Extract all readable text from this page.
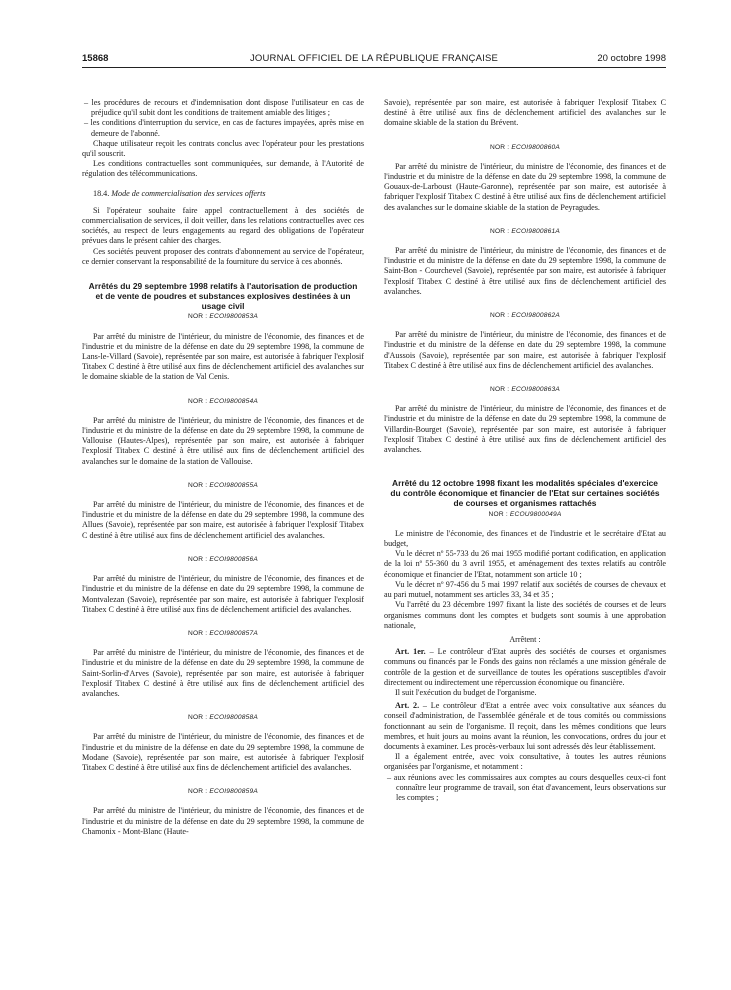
15868	JOURNAL OFFICIEL DE LA RÉPUBLIQUE FRANÇAISE	20 octobre 1998

– les procédures de recours et d'indemnisation dont dispose l'utilisateur en cas de préjudice qu'il subit dont les conditions de traitement amiable des litiges ;

– les conditions d'interruption du service, en cas de factures impayées, après mise en demeure de l'abonné.

Chaque utilisateur reçoit les contrats conclus avec l'opérateur pour les prestations qu'il souscrit.

Les conditions contractuelles sont communiquées, sur demande, à l'Autorité de régulation des télécommunications.

18.4. Mode de commercialisation des services offerts

Si l'opérateur souhaite faire appel contractuellement à des sociétés de commercialisation de services, il doit veiller, dans les relations contractuelles avec ces sociétés, au respect de leurs engagements au regard des obligations de l'opérateur prévues dans le présent cahier des charges.

Ces sociétés peuvent proposer des contrats d'abonnement au service de l'opérateur, ce dernier conservant la responsabilité de la fourniture du service à ces abonnés.

Arrêtés du 29 septembre 1998 relatifs à l'autorisation de production et de vente de poudres et substances explosives destinées à un usage civil
NOR : ECOI9800853A

Par arrêté du ministre de l'intérieur, du ministre de l'économie, des finances et de l'industrie et du ministre de la défense en date du 29 septembre 1998, la commune de Lans-le-Villard (Savoie), représentée par son maire, est autorisée à fabriquer l'explosif Titabex C destiné à être utilisé aux fins de déclenchement artificiel des avalanches sur le domaine skiable de la station de Val Cenis.

NOR : ECOI9800854A

Par arrêté du ministre de l'intérieur, du ministre de l'économie, des finances et de l'industrie et du ministre de la défense en date du 29 septembre 1998, la commune de Vallouise (Hautes-Alpes), représentée par son maire, est autorisée à fabriquer l'explosif Titabex C destiné à être utilisé aux fins de déclenchement artificiel des avalanches sur le domaine de la station de Vallouise.

NOR : ECOI9800855A

Par arrêté du ministre de l'intérieur, du ministre de l'économie, des finances et de l'industrie et du ministre de la défense en date du 29 septembre 1998, la commune des Allues (Savoie), représentée par son maire, est autorisée à fabriquer l'explosif Titabex C destiné à être utilisé aux fins de déclenchement artificiel des avalanches.

NOR : ECOI9800856A

Par arrêté du ministre de l'intérieur, du ministre de l'économie, des finances et de l'industrie et du ministre de la défense en date du 29 septembre 1998, la commune de Montvalezan (Savoie), représentée par son maire, est autorisée à fabriquer l'explosif Titabex C destiné à être utilisé aux fins de déclenchement artificiel des avalanches.

NOR : ECOI9800857A

Par arrêté du ministre de l'intérieur, du ministre de l'économie, des finances et de l'industrie et du ministre de la défense en date du 29 septembre 1998, la commune de Saint-Sorlin-d'Arves (Savoie), représentée par son maire, est autorisée à fabriquer l'explosif Titabex C destiné à être utilisé aux fins de déclenchement artificiel des avalanches.

NOR : ECOI9800858A

Par arrêté du ministre de l'intérieur, du ministre de l'économie, des finances et de l'industrie et du ministre de la défense en date du 29 septembre 1998, la commune de Modane (Savoie), représentée par son maire, est autorisée à fabriquer l'explosif Titabex C destiné à être utilisé aux fins de déclenchement artificiel des avalanches.

NOR : ECOI9800859A

Par arrêté du ministre de l'intérieur, du ministre de l'économie, des finances et de l'industrie et du ministre de la défense en date du 29 septembre 1998, la commune de Chamonix - Mont-Blanc (Haute-

Savoie), représentée par son maire, est autorisée à fabriquer l'explosif Titabex C destiné à être utilisé aux fins de déclenchement artificiel des avalanches sur le domaine skiable de la station du Brévent.

NOR : ECOI9800860A

Par arrêté du ministre de l'intérieur, du ministre de l'économie, des finances et de l'industrie et du ministre de la défense en date du 29 septembre 1998, la commune de Gouaux-de-Larboust (Haute-Garonne), représentée par son maire, est autorisée à fabriquer l'explosif Titabex C destiné à être utilisé aux fins de déclenchement artificiel des avalanches sur le domaine skiable de la station de Peyragudes.

NOR : ECOI9800861A

Par arrêté du ministre de l'intérieur, du ministre de l'économie, des finances et de l'industrie et du ministre de la défense en date du 29 septembre 1998, la commune de Saint-Bon - Courchevel (Savoie), représentée par son maire, est autorisée à fabriquer l'explosif Titabex C destiné à être utilisé aux fins de déclenchement artificiel des avalanches.

NOR : ECOI9800862A

Par arrêté du ministre de l'intérieur, du ministre de l'économie, des finances et de l'industrie et du ministre de la défense en date du 29 septembre 1998, la commune d'Aussois (Savoie), représentée par son maire, est autorisée à fabriquer l'explosif Titabex C destiné à être utilisé aux fins de déclenchement artificiel des avalanches.

NOR : ECOI9800863A

Par arrêté du ministre de l'intérieur, du ministre de l'économie, des finances et de l'industrie et du ministre de la défense en date du 29 septembre 1998, la commune de Villardin-Bourget (Savoie), représentée par son maire, est autorisée à fabriquer l'explosif Titabex C destiné à être utilisé aux fins de déclenchement artificiel des avalanches.

Arrêté du 12 octobre 1998 fixant les modalités spéciales d'exercice du contrôle économique et financier de l'Etat sur certaines sociétés de courses et organismes rattachés
NOR : ECOU9800049A

Le ministre de l'économie, des finances et de l'industrie et le secrétaire d'Etat au budget,

Vu le décret nº 55-733 du 26 mai 1955 modifié portant codification, en application de la loi nº 55-360 du 3 avril 1955, et aménagement des textes relatifs au contrôle économique et financier de l'Etat, notamment son article 10 ;

Vu le décret nº 97-456 du 5 mai 1997 relatif aux sociétés de courses de chevaux et au pari mutuel, notamment ses articles 33, 34 et 35 ;

Vu l'arrêté du 23 décembre 1997 fixant la liste des sociétés de courses et de leurs organismes communs dont les comptes et budgets sont soumis à une approbation nationale,

Arrêtent :

Art. 1er. – Le contrôleur d'Etat auprès des sociétés de courses et organismes communs ou financés par le Fonds des gains non réclamés a une mission générale de contrôle de la gestion et de surveillance de toutes les opérations susceptibles d'avoir directement ou indirectement une répercussion économique ou financière.

Il suit l'exécution du budget de l'organisme.

Art. 2. – Le contrôleur d'Etat a entrée avec voix consultative aux séances du conseil d'administration, de l'assemblée générale et de tous comités ou commissions fonctionnant au sein de l'organisme. Il reçoit, dans les mêmes conditions que leurs membres, et huit jours au moins avant la réunion, les convocations, ordres du jour et documents à examiner. Les procès-verbaux lui sont adressés dès leur établissement.

Il a également entrée, avec voix consultative, à toutes les autres réunions organisées par l'organisme, et notamment :

– aux réunions avec les commissaires aux comptes au cours desquelles ceux-ci font connaître leur programme de travail, son état d'avancement, leurs observations sur les comptes ;
